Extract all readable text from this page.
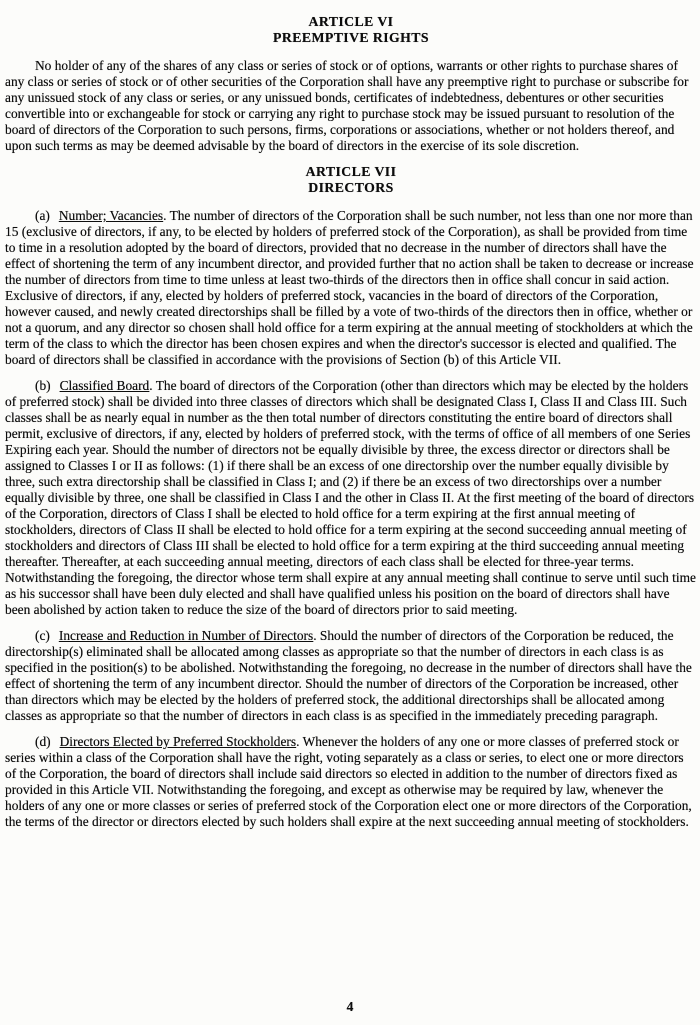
ARTICLE VI
PREEMPTIVE RIGHTS

No holder of any of the shares of any class or series of stock or of options, warrants or other rights to purchase shares of any class or series of stock or of other securities of the Corporation shall have any preemptive right to purchase or subscribe for any unissued stock of any class or series, or any unissued bonds, certificates of indebtedness, debentures or other securities convertible into or exchangeable for stock or carrying any right to purchase stock may be issued pursuant to resolution of the board of directors of the Corporation to such persons, firms, corporations or associations, whether or not holders thereof, and upon such terms as may be deemed advisable by the board of directors in the exercise of its sole discretion.

ARTICLE VII
DIRECTORS

(a) Number; Vacancies. The number of directors of the Corporation shall be such number, not less than one nor more than 15 (exclusive of directors, if any, to be elected by holders of preferred stock of the Corporation), as shall be provided from time to time in a resolution adopted by the board of directors, provided that no decrease in the number of directors shall have the effect of shortening the term of any incumbent director, and provided further that no action shall be taken to decrease or increase the number of directors from time to time unless at least two-thirds of the directors then in office shall concur in said action. Exclusive of directors, if any, elected by holders of preferred stock, vacancies in the board of directors of the Corporation, however caused, and newly created directorships shall be filled by a vote of two-thirds of the directors then in office, whether or not a quorum, and any director so chosen shall hold office for a term expiring at the annual meeting of stockholders at which the term of the class to which the director has been chosen expires and when the director's successor is elected and qualified. The board of directors shall be classified in accordance with the provisions of Section (b) of this Article VII.

(b) Classified Board. The board of directors of the Corporation (other than directors which may be elected by the holders of preferred stock) shall be divided into three classes of directors which shall be designated Class I, Class II and Class III. Such classes shall be as nearly equal in number as the then total number of directors constituting the entire board of directors shall permit, exclusive of directors, if any, elected by holders of preferred stock, with the terms of office of all members of one Series Expiring each year. Should the number of directors not be equally divisible by three, the excess director or directors shall be assigned to Classes I or II as follows: (1) if there shall be an excess of one directorship over the number equally divisible by three, such extra directorship shall be classified in Class I; and (2) if there be an excess of two directorships over a number equally divisible by three, one shall be classified in Class I and the other in Class II. At the first meeting of the board of directors of the Corporation, directors of Class I shall be elected to hold office for a term expiring at the first annual meeting of stockholders, directors of Class II shall be elected to hold office for a term expiring at the second succeeding annual meeting of stockholders and directors of Class III shall be elected to hold office for a term expiring at the third succeeding annual meeting thereafter. Thereafter, at each succeeding annual meeting, directors of each class shall be elected for three-year terms. Notwithstanding the foregoing, the director whose term shall expire at any annual meeting shall continue to serve until such time as his successor shall have been duly elected and shall have qualified unless his position on the board of directors shall have been abolished by action taken to reduce the size of the board of directors prior to said meeting.

(c) Increase and Reduction in Number of Directors. Should the number of directors of the Corporation be reduced, the directorship(s) eliminated shall be allocated among classes as appropriate so that the number of directors in each class is as specified in the position(s) to be abolished. Notwithstanding the foregoing, no decrease in the number of directors shall have the effect of shortening the term of any incumbent director. Should the number of directors of the Corporation be increased, other than directors which may be elected by the holders of preferred stock, the additional directorships shall be allocated among classes as appropriate so that the number of directors in each class is as specified in the immediately preceding paragraph.

(d) Directors Elected by Preferred Stockholders. Whenever the holders of any one or more classes of preferred stock or series within a class of the Corporation shall have the right, voting separately as a class or series, to elect one or more directors of the Corporation, the board of directors shall include said directors so elected in addition to the number of directors fixed as provided in this Article VII. Notwithstanding the foregoing, and except as otherwise may be required by law, whenever the holders of any one or more classes or series of preferred stock of the Corporation elect one or more directors of the Corporation, the terms of the director or directors elected by such holders shall expire at the next succeeding annual meeting of stockholders.

4
